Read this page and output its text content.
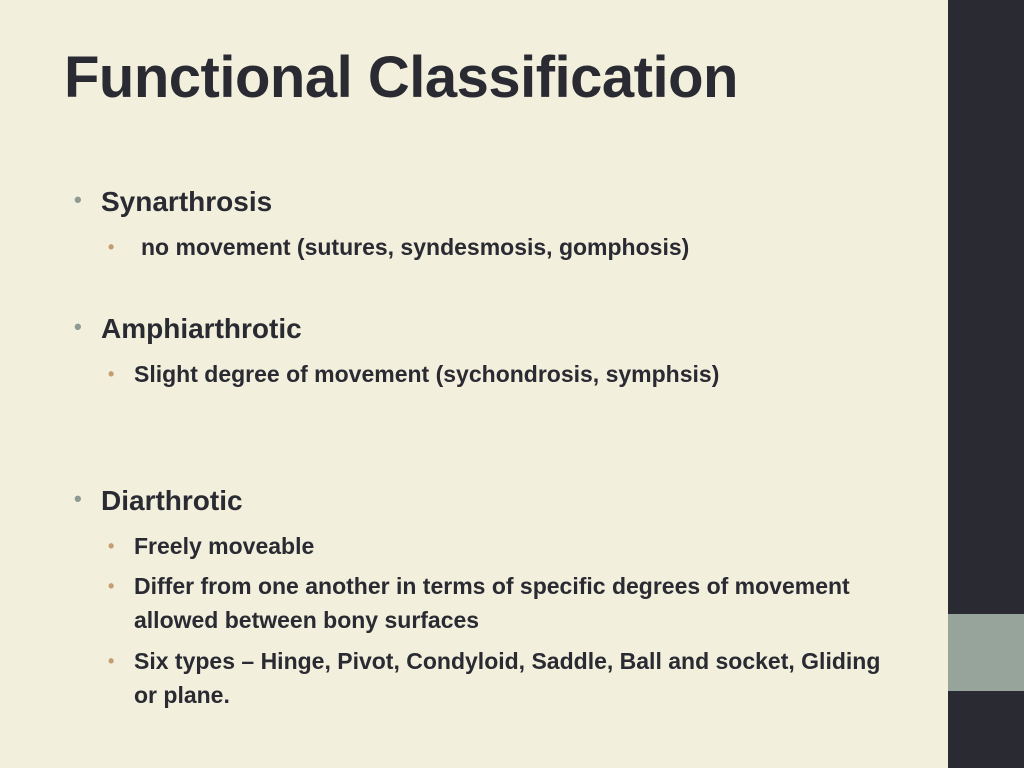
Functional Classification
• Synarthrosis
• no movement (sutures, syndesmosis, gomphosis)
• Amphiarthrotic
• Slight degree of movement (sychondrosis, symphsis)
• Diarthrotic
• Freely moveable
• Differ from one another in terms of specific degrees of movement allowed between bony surfaces
• Six types – Hinge, Pivot, Condyloid, Saddle, Ball and socket, Gliding or plane.
